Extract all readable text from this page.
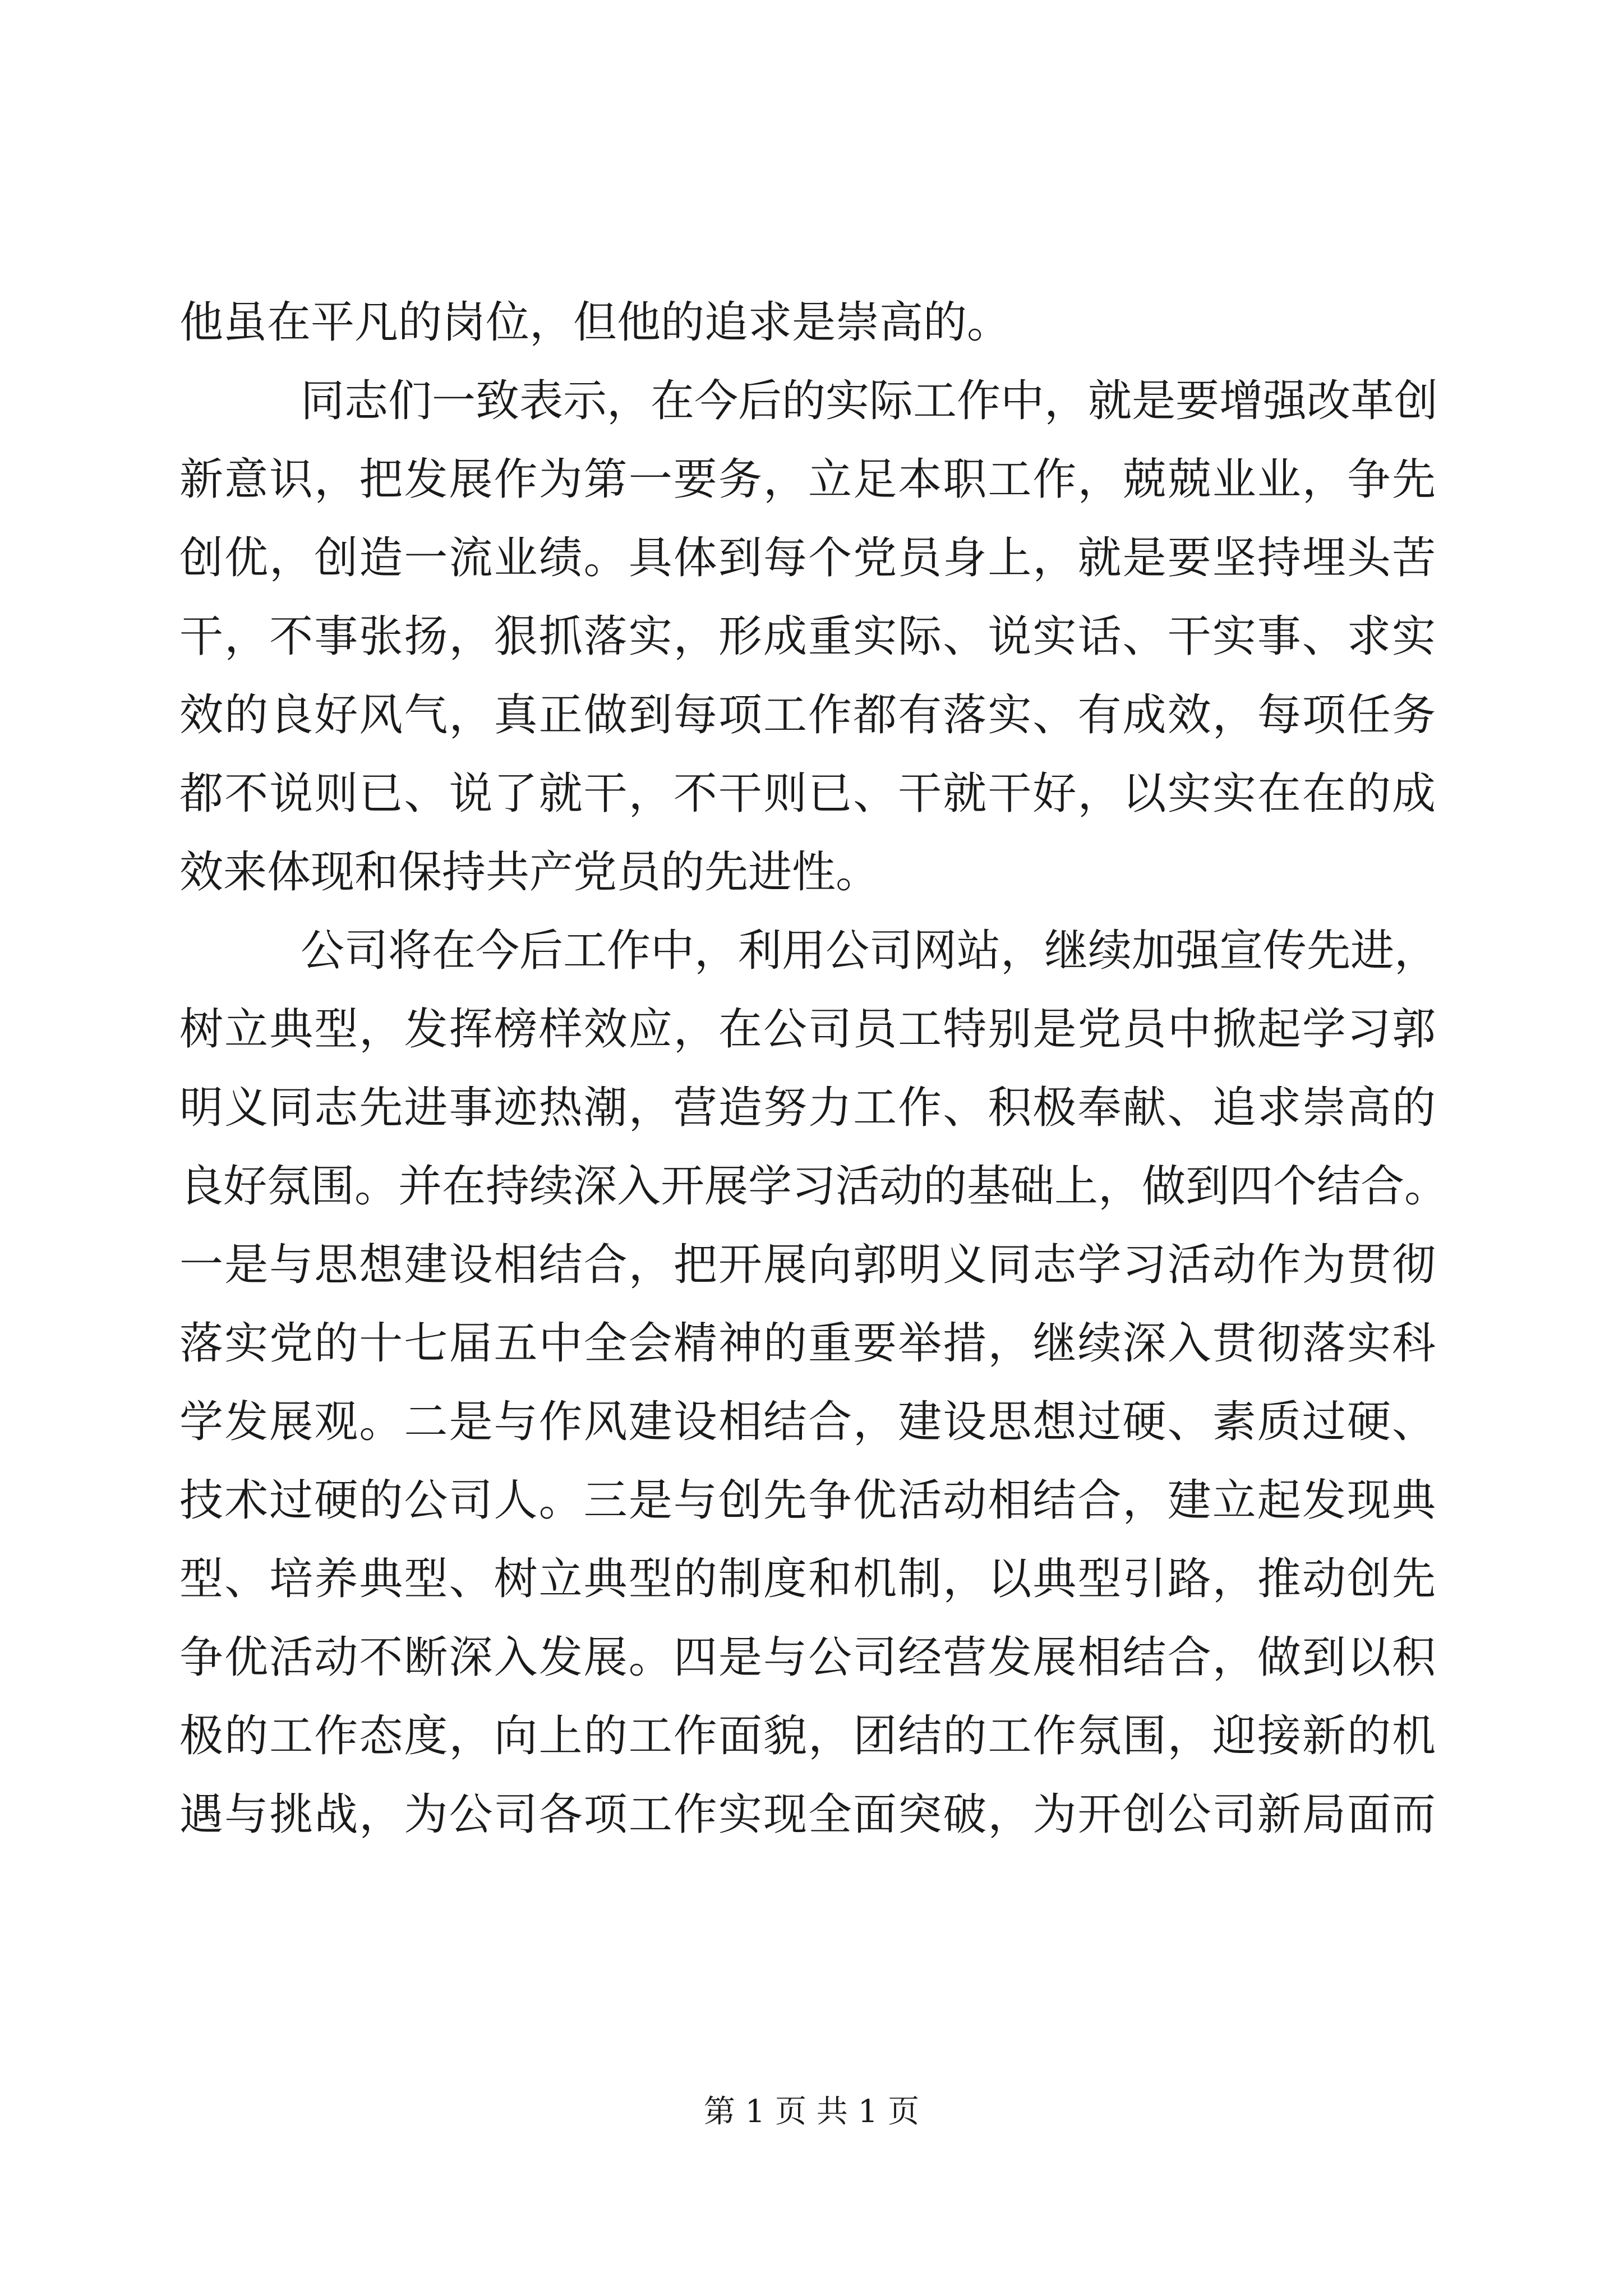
他虽在平凡的岗位，但他的追求是崇高的。
同志们一致表示，在今后的实际工作中，就是要增强改革创
新意识，把发展作为第一要务，立足本职工作，兢兢业业，争先
创优，创造一流业绩。具体到每个党员身上，就是要坚持埋头苦
干，不事张扬，狠抓落实，形成重实际、说实话、干实事、求实
效的良好风气，真正做到每项工作都有落实、有成效，每项任务
都不说则已、说了就干，不干则已、干就干好，以实实在在的成
效来体现和保持共产党员的先进性。
公司将在今后工作中，利用公司网站，继续加强宣传先进，
树立典型，发挥榜样效应，在公司员工特别是党员中掀起学习郭
明义同志先进事迹热潮，营造努力工作、积极奉献、追求崇高的
良好氛围。并在持续深入开展学习活动的基础上，做到四个结合。
一是与思想建设相结合，把开展向郭明义同志学习活动作为贯彻
落实党的十七届五中全会精神的重要举措，继续深入贯彻落实科
学发展观。二是与作风建设相结合，建设思想过硬、素质过硬、
技术过硬的公司人。三是与创先争优活动相结合，建立起发现典
型、培养典型、树立典型的制度和机制，以典型引路，推动创先
争优活动不断深入发展。四是与公司经营发展相结合，做到以积
极的工作态度，向上的工作面貌，团结的工作氛围，迎接新的机
遇与挑战，为公司各项工作实现全面突破，为开创公司新局面而
第 1 页 共 1 页
